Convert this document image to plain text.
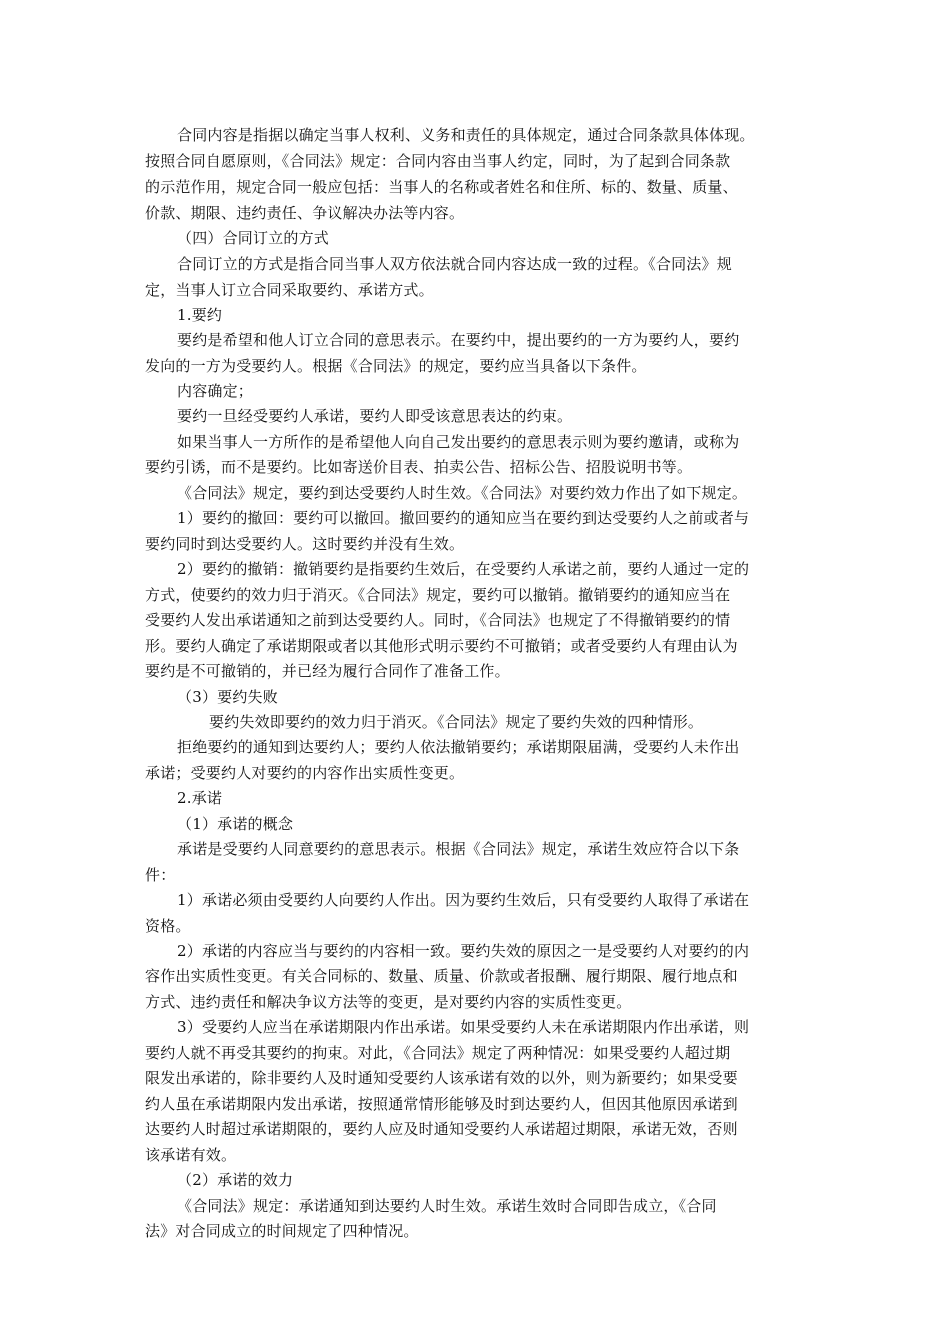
合同内容是指据以确定当事人权利、义务和责任的具体规定，通过合同条款具体体现。
按照合同自愿原则，《合同法》规定：合同内容由当事人约定，同时，为了起到合同条款
的示范作用，规定合同一般应包括：当事人的名称或者姓名和住所、标的、数量、质量、
价款、期限、违约责任、争议解决办法等内容。
（四）合同订立的方式
合同订立的方式是指合同当事人双方依法就合同内容达成一致的过程。《合同法》规
定，当事人订立合同采取要约、承诺方式。
1.要约
要约是希望和他人订立合同的意思表示。在要约中，提出要约的一方为要约人，要约
发向的一方为受要约人。根据《合同法》的规定，要约应当具备以下条件。
内容确定；
要约一旦经受要约人承诺，要约人即受该意思表达的约束。
如果当事人一方所作的是希望他人向自己发出要约的意思表示则为要约邀请，或称为
要约引诱，而不是要约。比如寄送价目表、拍卖公告、招标公告、招股说明书等。
《合同法》规定，要约到达受要约人时生效。《合同法》对要约效力作出了如下规定。
1）要约的撤回：要约可以撤回。撤回要约的通知应当在要约到达受要约人之前或者与
要约同时到达受要约人。这时要约并没有生效。
2）要约的撤销：撤销要约是指要约生效后，在受要约人承诺之前，要约人通过一定的
方式，使要约的效力归于消灭。《合同法》规定，要约可以撤销。撤销要约的通知应当在
受要约人发出承诺通知之前到达受要约人。同时，《合同法》也规定了不得撤销要约的情
形。要约人确定了承诺期限或者以其他形式明示要约不可撤销；或者受要约人有理由认为
要约是不可撤销的，并已经为履行合同作了准备工作。
（3）要约失败
要约失效即要约的效力归于消灭。《合同法》规定了要约失效的四种情形。
拒绝要约的通知到达要约人；要约人依法撤销要约；承诺期限届满，受要约人未作出
承诺；受要约人对要约的内容作出实质性变更。
2.承诺
（1）承诺的概念
承诺是受要约人同意要约的意思表示。根据《合同法》规定，承诺生效应符合以下条
件：
1）承诺必须由受要约人向要约人作出。因为要约生效后，只有受要约人取得了承诺在
资格。
2）承诺的内容应当与要约的内容相一致。要约失效的原因之一是受要约人对要约的内
容作出实质性变更。有关合同标的、数量、质量、价款或者报酬、履行期限、履行地点和
方式、违约责任和解决争议方法等的变更，是对要约内容的实质性变更。
3）受要约人应当在承诺期限内作出承诺。如果受要约人未在承诺期限内作出承诺，则
要约人就不再受其要约的拘束。对此，《合同法》规定了两种情况：如果受要约人超过期
限发出承诺的，除非要约人及时通知受要约人该承诺有效的以外，则为新要约；如果受要
约人虽在承诺期限内发出承诺，按照通常情形能够及时到达要约人，但因其他原因承诺到
达要约人时超过承诺期限的，要约人应及时通知受要约人承诺超过期限，承诺无效，否则
该承诺有效。
（2）承诺的效力
《合同法》规定：承诺通知到达要约人时生效。承诺生效时合同即告成立，《合同
法》对合同成立的时间规定了四种情况。
